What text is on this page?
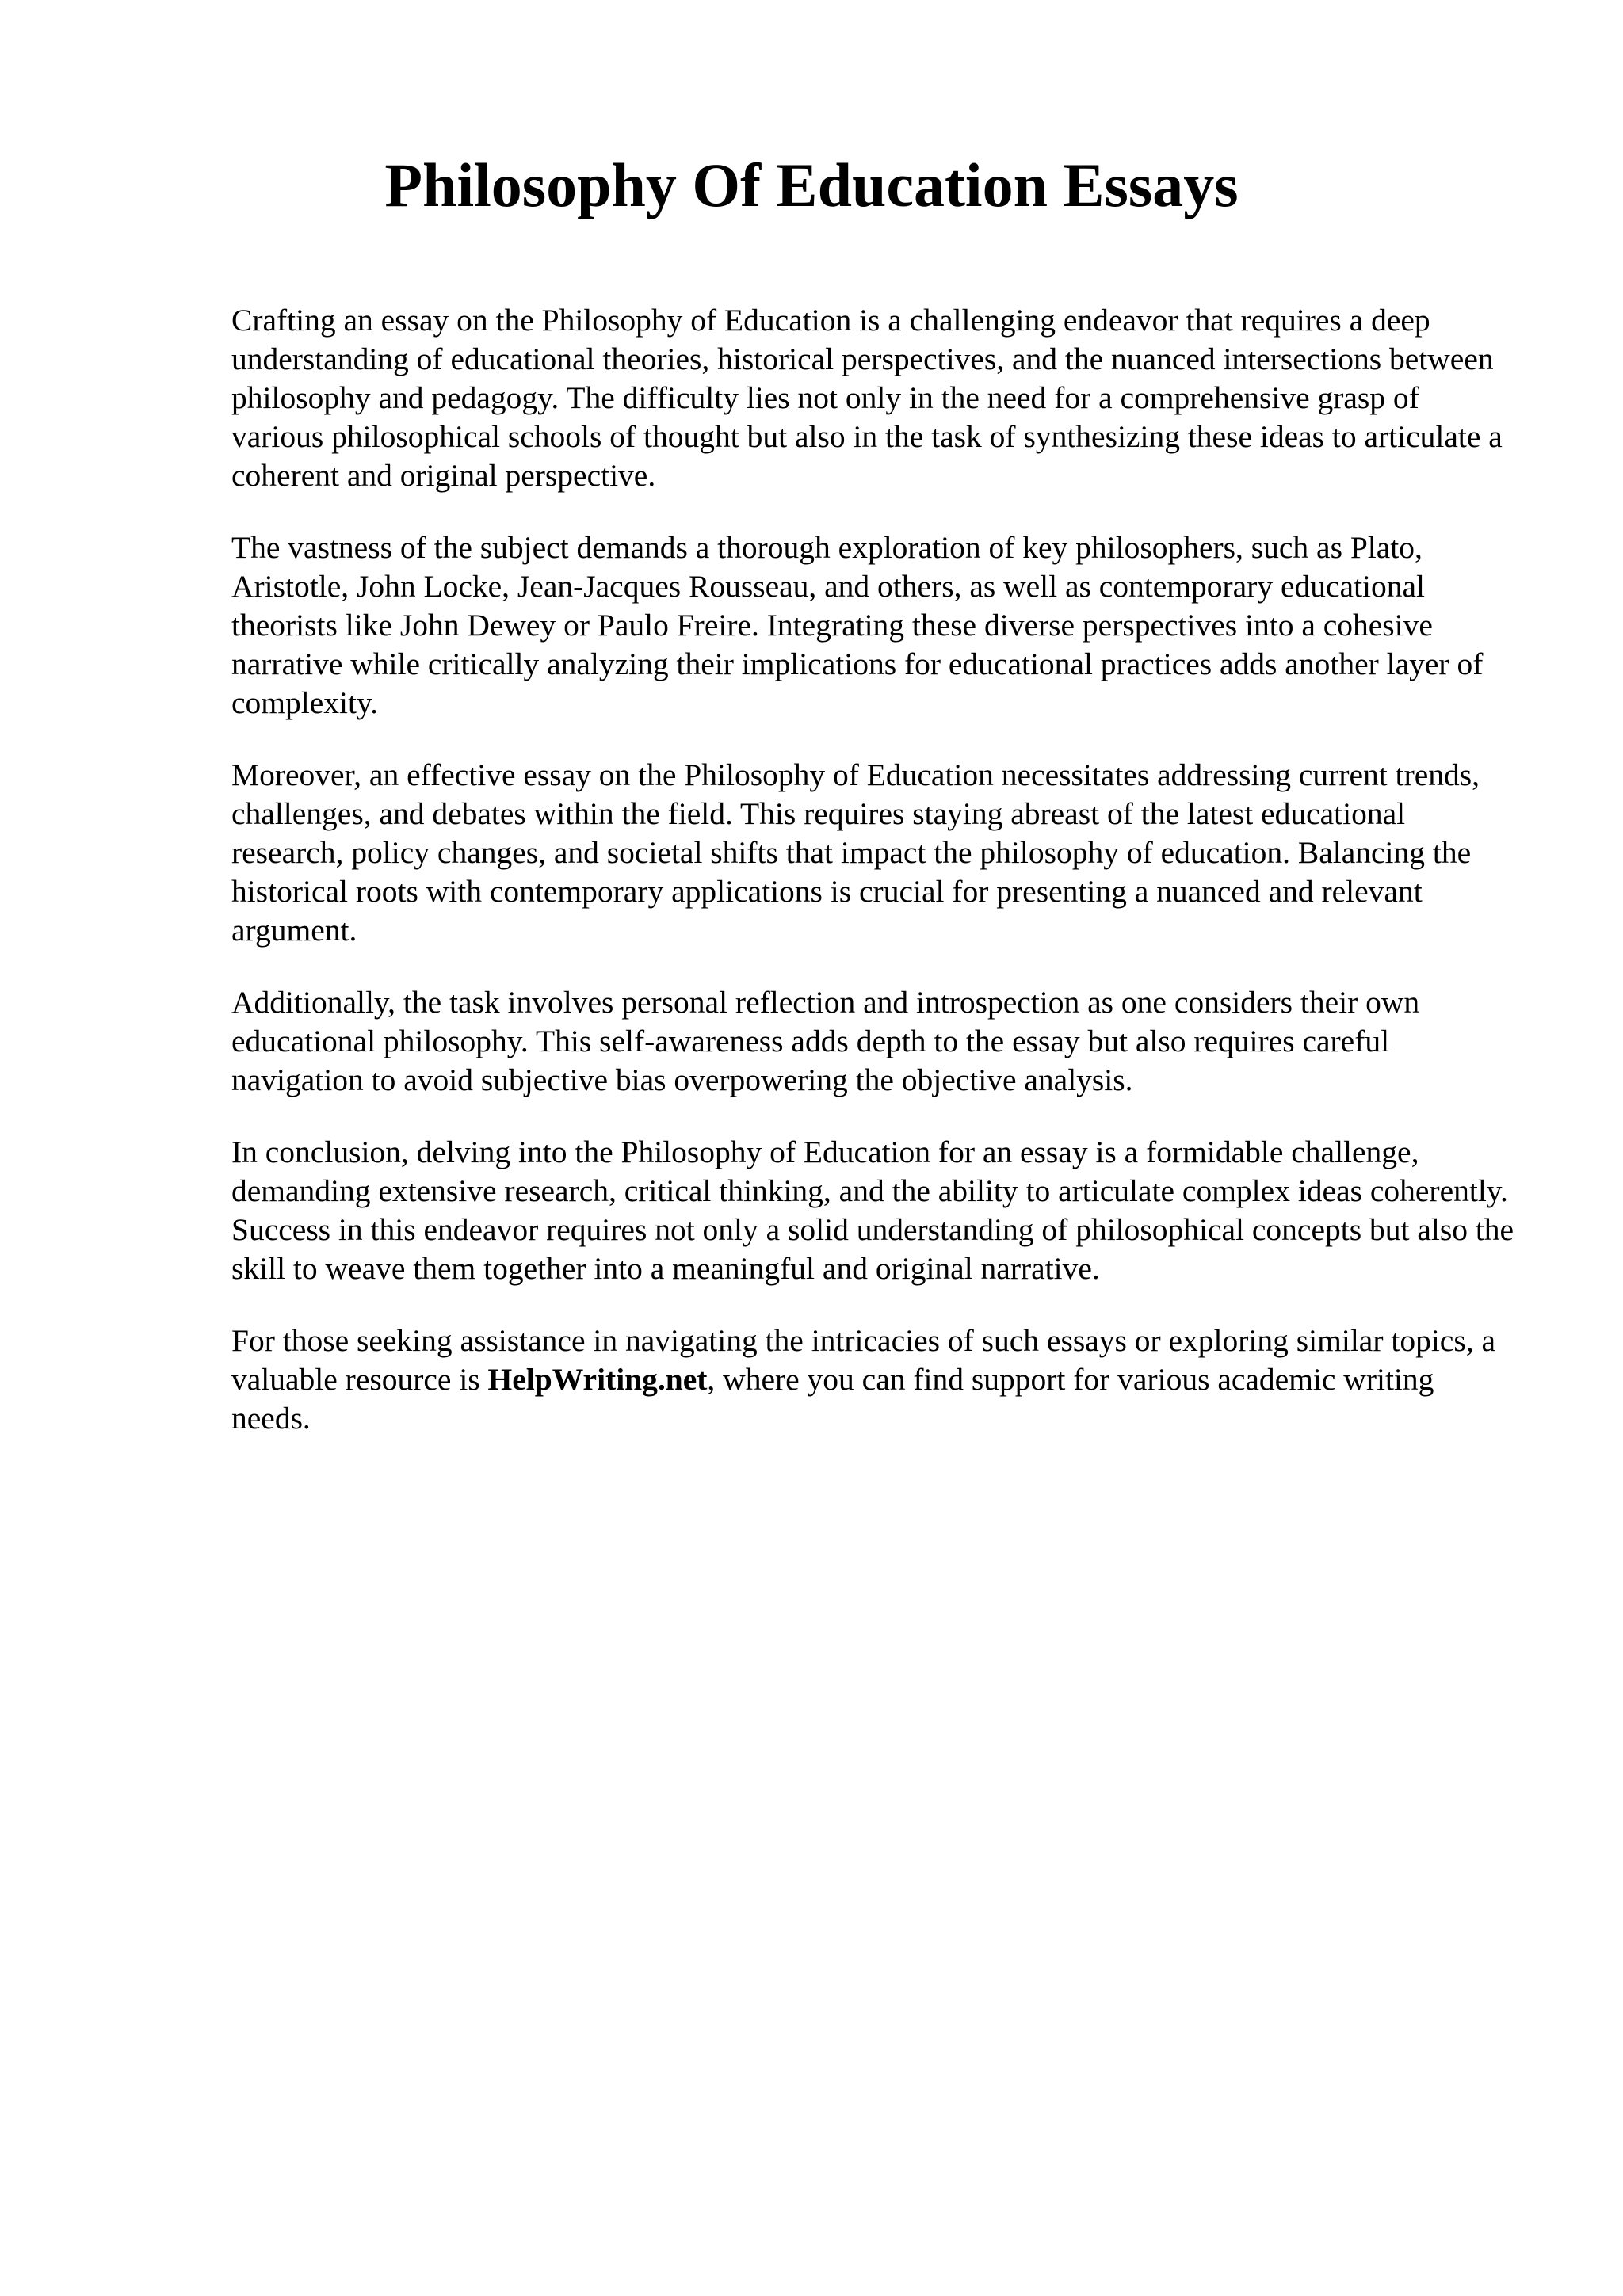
Philosophy Of Education Essays

Crafting an essay on the Philosophy of Education is a challenging endeavor that requires a deep understanding of educational theories, historical perspectives, and the nuanced intersections between philosophy and pedagogy. The difficulty lies not only in the need for a comprehensive grasp of various philosophical schools of thought but also in the task of synthesizing these ideas to articulate a coherent and original perspective.

The vastness of the subject demands a thorough exploration of key philosophers, such as Plato, Aristotle, John Locke, Jean-Jacques Rousseau, and others, as well as contemporary educational theorists like John Dewey or Paulo Freire. Integrating these diverse perspectives into a cohesive narrative while critically analyzing their implications for educational practices adds another layer of complexity.

Moreover, an effective essay on the Philosophy of Education necessitates addressing current trends, challenges, and debates within the field. This requires staying abreast of the latest educational research, policy changes, and societal shifts that impact the philosophy of education. Balancing the historical roots with contemporary applications is crucial for presenting a nuanced and relevant argument.

Additionally, the task involves personal reflection and introspection as one considers their own educational philosophy. This self-awareness adds depth to the essay but also requires careful navigation to avoid subjective bias overpowering the objective analysis.

In conclusion, delving into the Philosophy of Education for an essay is a formidable challenge, demanding extensive research, critical thinking, and the ability to articulate complex ideas coherently. Success in this endeavor requires not only a solid understanding of philosophical concepts but also the skill to weave them together into a meaningful and original narrative.

For those seeking assistance in navigating the intricacies of such essays or exploring similar topics, a valuable resource is HelpWriting.net, where you can find support for various academic writing needs.
